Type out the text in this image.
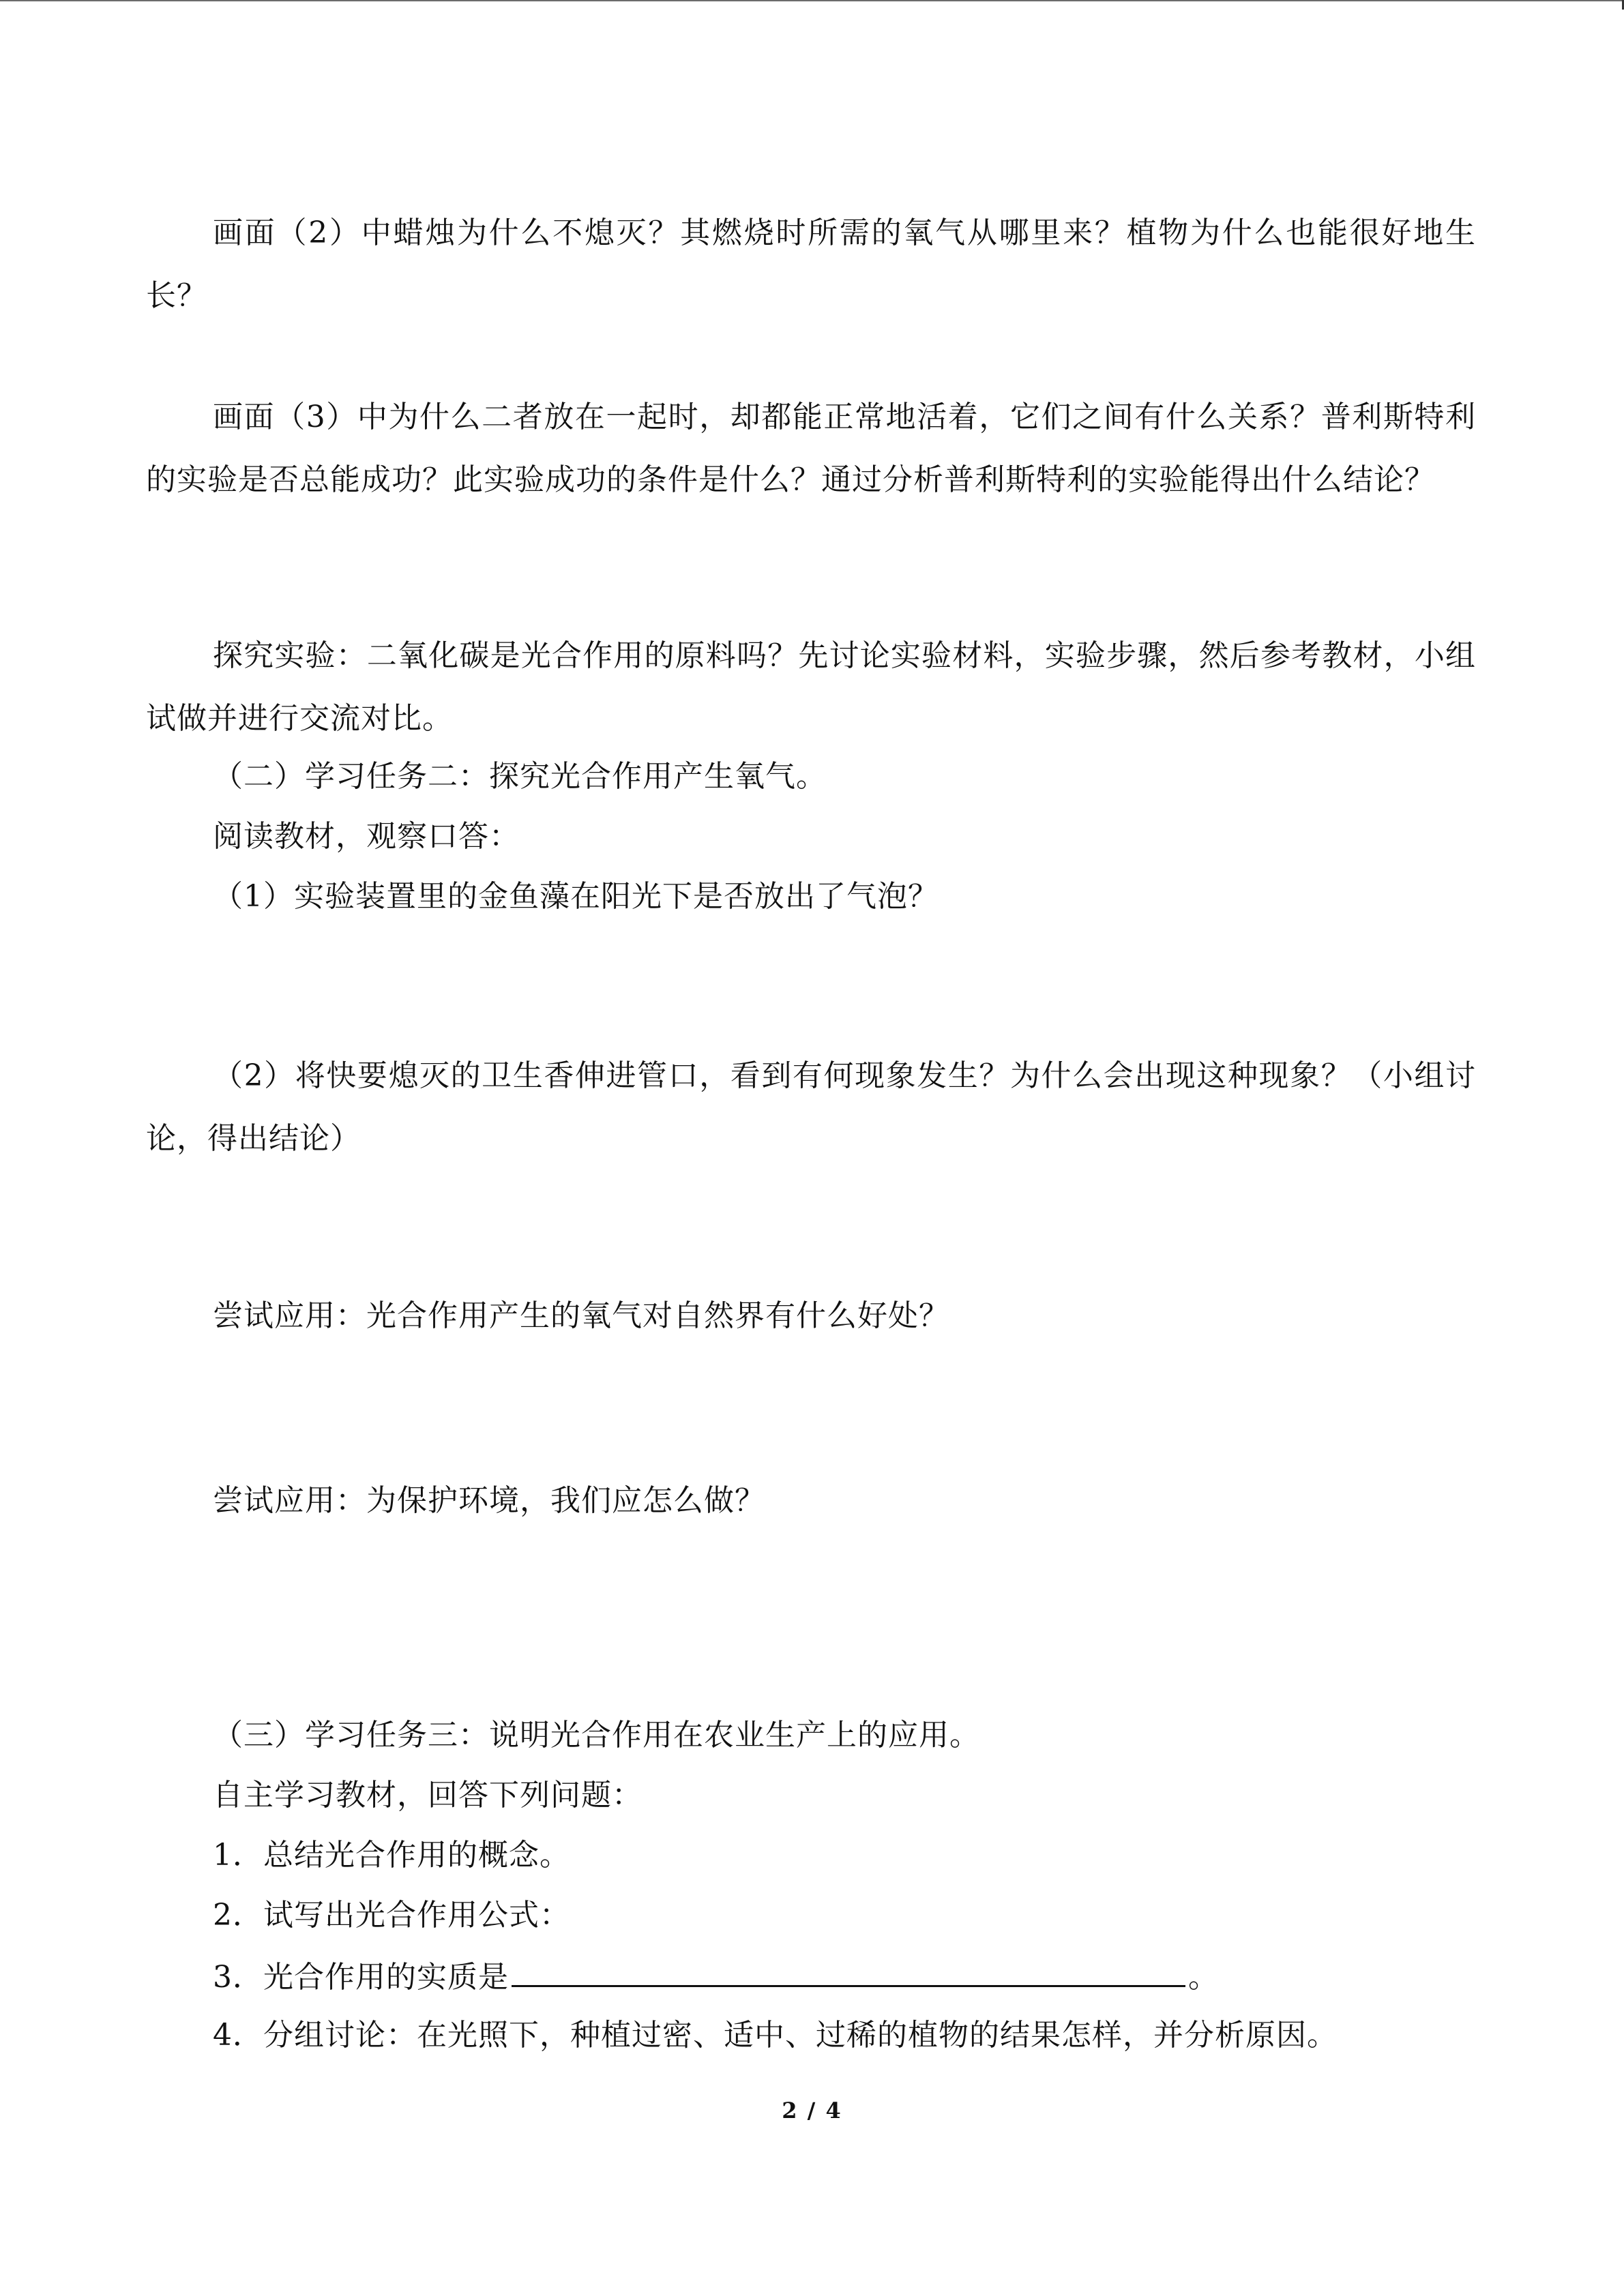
画面（2）中蜡烛为什么不熄灭？其燃烧时所需的氧气从哪里来？植物为什么也能很好地生长？

画面（3）中为什么二者放在一起时，却都能正常地活着，它们之间有什么关系？普利斯特利的实验是否总能成功？此实验成功的条件是什么？通过分析普利斯特利的实验能得出什么结论？

探究实验：二氧化碳是光合作用的原料吗？先讨论实验材料，实验步骤，然后参考教材，小组试做并进行交流对比。

（二）学习任务二：探究光合作用产生氧气。

阅读教材，观察口答：

（1）实验装置里的金鱼藻在阳光下是否放出了气泡？

（2）将快要熄灭的卫生香伸进管口，看到有何现象发生？为什么会出现这种现象？（小组讨论，得出结论）

尝试应用：光合作用产生的氧气对自然界有什么好处？

尝试应用：为保护环境，我们应怎么做？

（三）学习任务三：说明光合作用在农业生产上的应用。

自主学习教材，回答下列问题：

1．总结光合作用的概念。

2．试写出光合作用公式：

3．光合作用的实质是	。

4．分组讨论：在光照下，种植过密、适中、过稀的植物的结果怎样，并分析原因。

2 / 4
